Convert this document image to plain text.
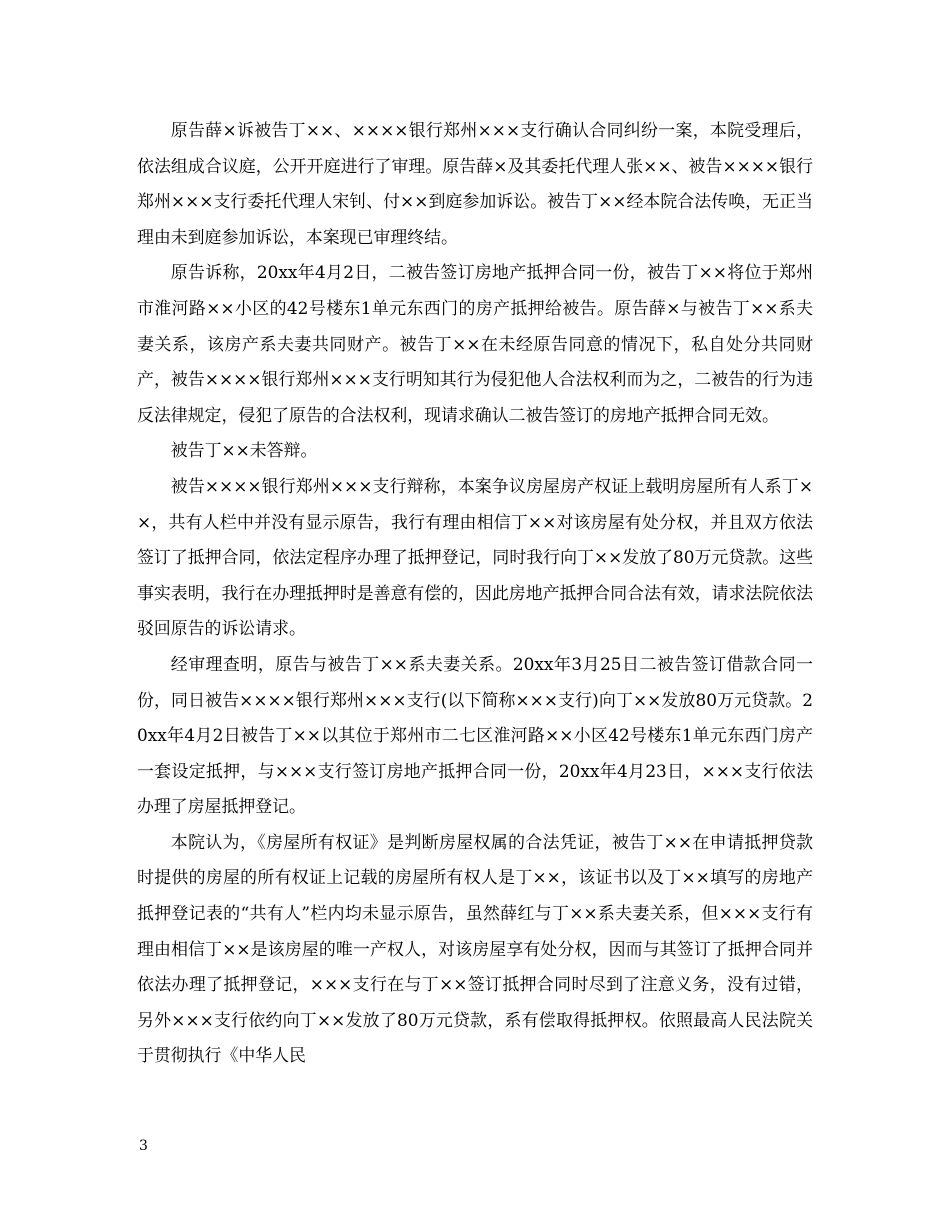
原告薛×诉被告丁××、××××银行郑州×××支行确认合同纠纷一案，本院受理后，依法组成合议庭，公开开庭进行了审理。原告薛×及其委托代理人张××、被告××××银行郑州×××支行委托代理人宋钊、付××到庭参加诉讼。被告丁××经本院合法传唤，无正当理由未到庭参加诉讼，本案现已审理终结。

原告诉称，20xx年4月2日，二被告签订房地产抵押合同一份，被告丁××将位于郑州市淮河路××小区的42号楼东1单元东西门的房产抵押给被告。原告薛×与被告丁××系夫妻关系，该房产系夫妻共同财产。被告丁××在未经原告同意的情况下，私自处分共同财产，被告××××银行郑州×××支行明知其行为侵犯他人合法权利而为之，二被告的行为违反法律规定，侵犯了原告的合法权利，现请求确认二被告签订的房地产抵押合同无效。

被告丁××未答辩。

被告××××银行郑州×××支行辩称，本案争议房屋房产权证上载明房屋所有人系丁××，共有人栏中并没有显示原告，我行有理由相信丁××对该房屋有处分权，并且双方依法签订了抵押合同，依法定程序办理了抵押登记，同时我行向丁××发放了80万元贷款。这些事实表明，我行在办理抵押时是善意有偿的，因此房地产抵押合同合法有效，请求法院依法驳回原告的诉讼请求。

经审理查明，原告与被告丁××系夫妻关系。20xx年3月25日二被告签订借款合同一份，同日被告××××银行郑州×××支行(以下简称×××支行)向丁××发放80万元贷款。20xx年4月2日被告丁××以其位于郑州市二七区淮河路××小区42号楼东1单元东西门房产一套设定抵押，与×××支行签订房地产抵押合同一份，20xx年4月23日，×××支行依法办理了房屋抵押登记。

本院认为，《房屋所有权证》是判断房屋权属的合法凭证，被告丁××在申请抵押贷款时提供的房屋的所有权证上记载的房屋所有权人是丁××，该证书以及丁××填写的房地产抵押登记表的“共有人”栏内均未显示原告，虽然薛红与丁××系夫妻关系，但×××支行有理由相信丁××是该房屋的唯一产权人，对该房屋享有处分权，因而与其签订了抵押合同并依法办理了抵押登记，×××支行在与丁××签订抵押合同时尽到了注意义务，没有过错，另外×××支行依约向丁××发放了80万元贷款，系有偿取得抵押权。依照最高人民法院关于贯彻执行《中华人民

3
